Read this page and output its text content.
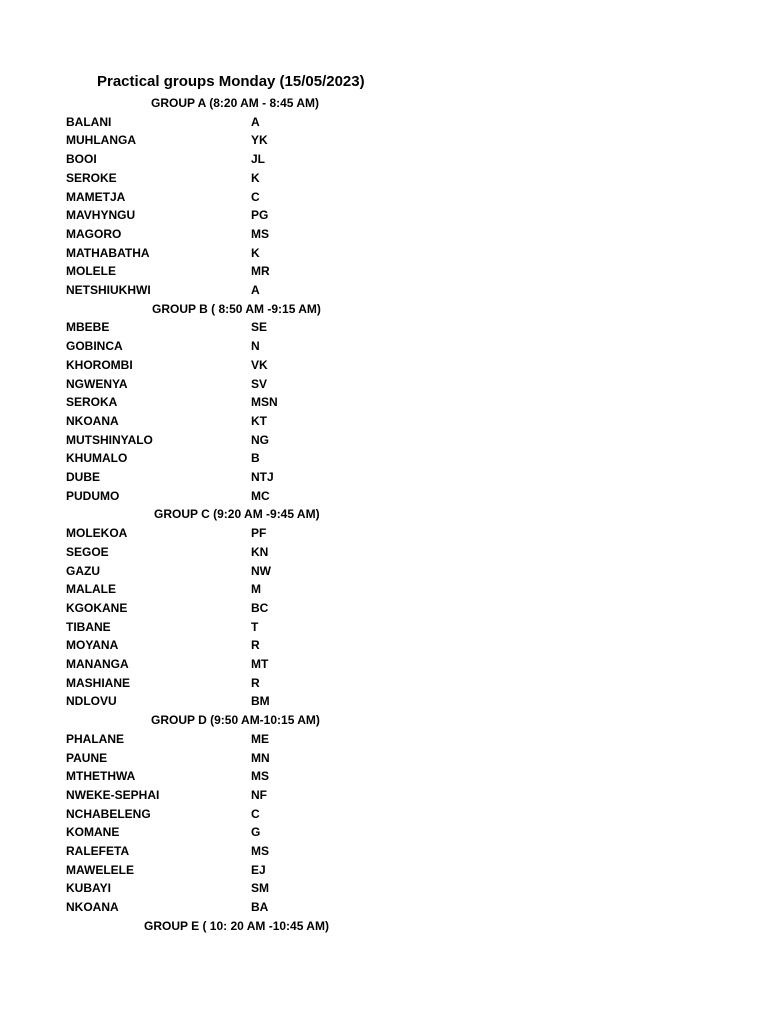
Practical groups Monday (15/05/2023)
GROUP A (8:20 AM - 8:45 AM)
BALANI	A
MUHLANGA	YK
BOOI	JL
SEROKE	K
MAMETJA	C
MAVHYNGU	PG
MAGORO	MS
MATHABATHA	K
MOLELE	MR
NETSHIUKHWI	A
GROUP B ( 8:50 AM -9:15 AM)
MBEBE	SE
GOBINCA	N
KHOROMBI	VK
NGWENYA	SV
SEROKA	MSN
NKOANA	KT
MUTSHINYALO	NG
KHUMALO	B
DUBE	NTJ
PUDUMO	MC
GROUP C (9:20 AM -9:45 AM)
MOLEKOA	PF
SEGOE	KN
GAZU	NW
MALALE	M
KGOKANE	BC
TIBANE	T
MOYANA	R
MANANGA	MT
MASHIANE	R
NDLOVU	BM
GROUP D (9:50 AM-10:15 AM)
PHALANE	ME
PAUNE	MN
MTHETHWA	MS
NWEKE-SEPHAI	NF
NCHABELENG	C
KOMANE	G
RALEFETA	MS
MAWELELE	EJ
KUBAYI	SM
NKOANA	BA
GROUP E ( 10: 20 AM -10:45 AM)
